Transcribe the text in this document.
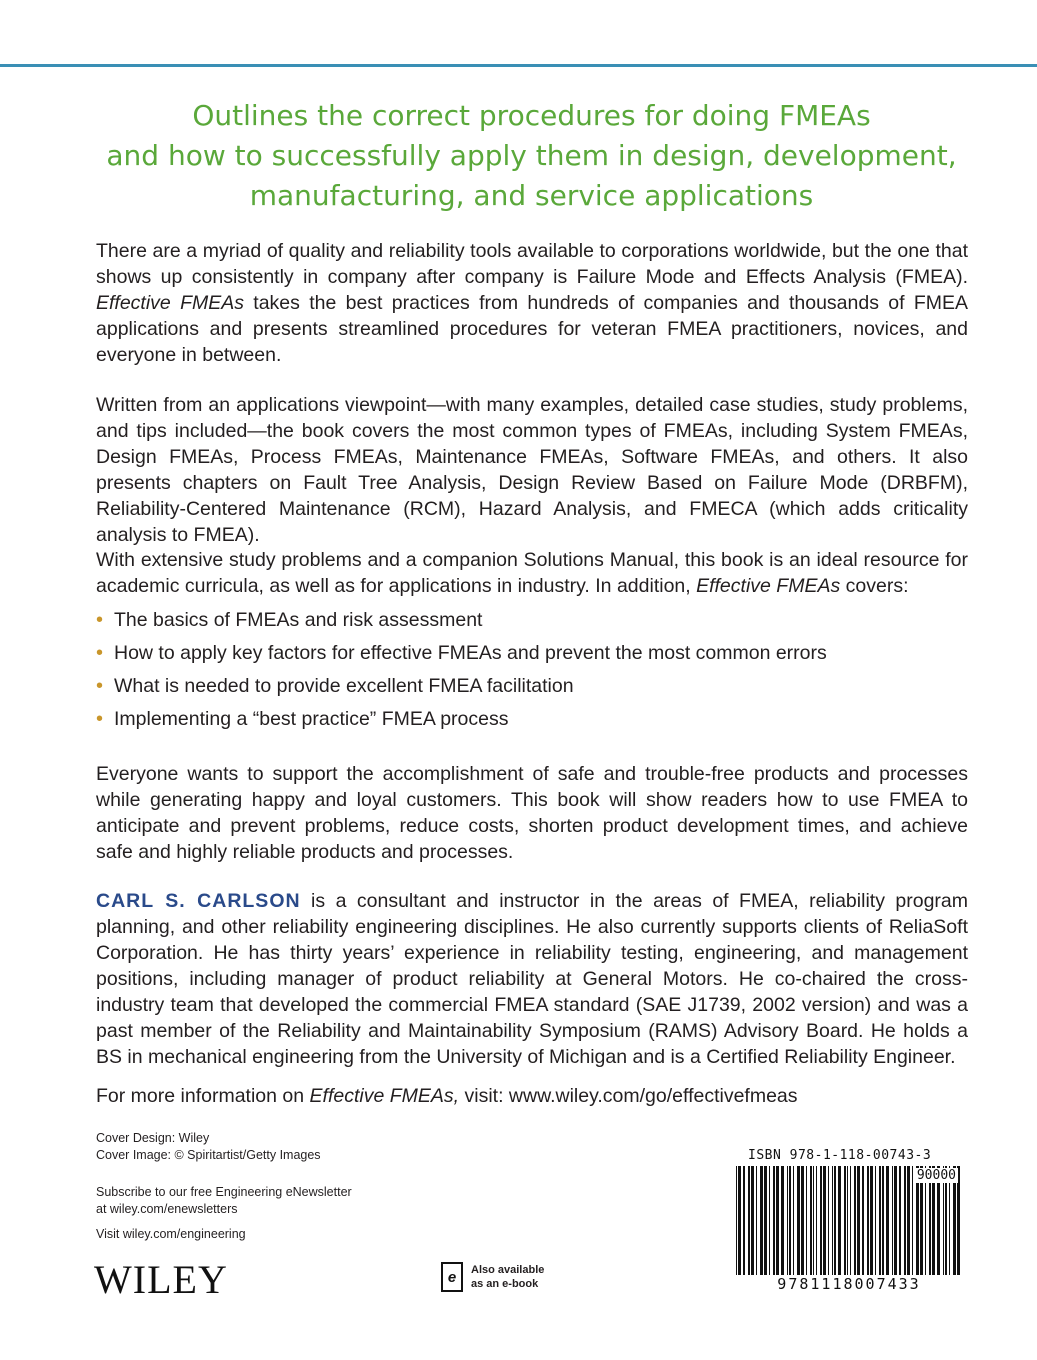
Outlines the correct procedures for doing FMEAs
and how to successfully apply them in design, development,
manufacturing, and service applications
There are a myriad of quality and reliability tools available to corporations worldwide, but the one that shows up consistently in company after company is Failure Mode and Effects Analysis (FMEA). Effective FMEAs takes the best practices from hundreds of companies and thousands of FMEA applications and presents streamlined procedures for veteran FMEA practitioners, novices, and everyone in between.
Written from an applications viewpoint—with many examples, detailed case studies, study problems, and tips included—the book covers the most common types of FMEAs, including System FMEAs, Design FMEAs, Process FMEAs, Maintenance FMEAs, Software FMEAs, and others. It also presents chapters on Fault Tree Analysis, Design Review Based on Failure Mode (DRBFM), Reliability-Centered Maintenance (RCM), Hazard Analysis, and FMECA (which adds criticality analysis to FMEA).
With extensive study problems and a companion Solutions Manual, this book is an ideal resource for academic curricula, as well as for applications in industry. In addition, Effective FMEAs covers:
• The basics of FMEAs and risk assessment
• How to apply key factors for effective FMEAs and prevent the most common errors
• What is needed to provide excellent FMEA facilitation
• Implementing a “best practice” FMEA process
Everyone wants to support the accomplishment of safe and trouble-free products and processes while generating happy and loyal customers. This book will show readers how to use FMEA to anticipate and prevent problems, reduce costs, shorten product development times, and achieve safe and highly reliable products and processes.
CARL S. CARLSON is a consultant and instructor in the areas of FMEA, reliability program planning, and other reliability engineering disciplines. He also currently supports clients of ReliaSoft Corporation. He has thirty years’ experience in reliability testing, engineering, and management positions, including manager of product reliability at General Motors. He co-chaired the cross-industry team that developed the commercial FMEA standard (SAE J1739, 2002 version) and was a past member of the Reliability and Maintainability Symposium (RAMS) Advisory Board. He holds a BS in mechanical engineering from the University of Michigan and is a Certified Reliability Engineer.
For more information on Effective FMEAs, visit: www.wiley.com/go/effectivefmeas
Cover Design: Wiley
Cover Image: © Spiritartist/Getty Images
Subscribe to our free Engineering eNewsletter
at wiley.com/enewsletters
Visit wiley.com/engineering
WILEY	e	Also available
as an e-book
ISBN 978-1-118-00743-3
90000
9781118007433
